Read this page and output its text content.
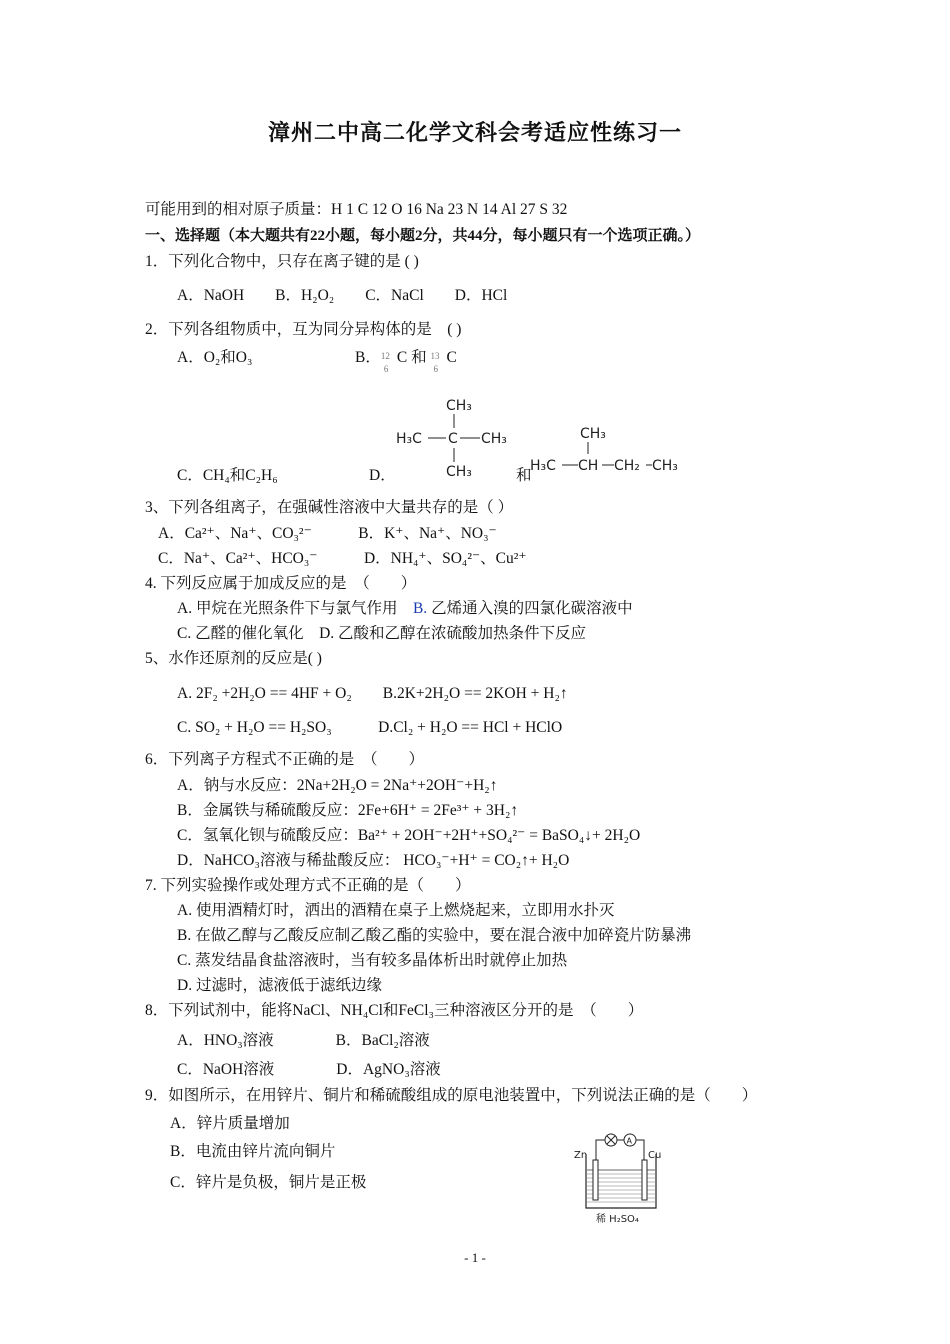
漳州二中高二化学文科会考适应性练习一
可能用到的相对原子质量：H 1 C 12 O 16 Na 23 N 14 Al 27 S 32
一、选择题（本大题共有22小题，每小题2分，共44分，每小题只有一个选项正确。）
1．下列化合物中，只存在离子键的是 ( )
A．NaOH　　B．H₂O₂　　C．NaCl　　D．HCl
2．下列各组物质中，互为同分异构体的是　( )
A．O₂和O₃	B． 12
6
C 和 13
6
C
C．CH₄和C₂H₆	D．
CH₃
H₃C C CH₃
CH₃	和
CH₃
H₃C CH CH₂ CH₃
3、下列各组离子，在强碱性溶液中大量共存的是（ ）
A．Ca²⁺、Na⁺、CO₃²⁻　　　B．K⁺、Na⁺、NO₃⁻
C．Na⁺、Ca²⁺、HCO₃⁻　　　D．NH₄⁺、SO₄²⁻、Cu²⁺
4. 下列反应属于加成反应的是　（　　）
A. 甲烷在光照条件下与氯气作用　 B. 乙烯通入溴的四氯化碳溶液中
C. 乙醛的催化氧化　D. 乙酸和乙醇在浓硫酸加热条件下反应
5、水作还原剂的反应是( )
A. 2F₂ +2H₂O == 4HF + O₂　　B.2K+2H₂O == 2KOH + H₂↑
C. SO₂ + H₂O == H₂SO₃　　　D.Cl₂ + H₂O == HCl + HClO
6．下列离子方程式不正确的是　（　　）
A．钠与水反应：2Na+2H₂O = 2Na⁺+2OH⁻+H₂↑
B．金属铁与稀硫酸反应：2Fe+6H⁺ = 2Fe³⁺ + 3H₂↑
C．氢氧化钡与硫酸反应：Ba²⁺ + 2OH⁻+2H⁺+SO₄²⁻ = BaSO₄↓+ 2H₂O
D．NaHCO₃溶液与稀盐酸反应： HCO₃⁻+H⁺ = CO₂↑+ H₂O
7. 下列实验操作或处理方式不正确的是（　　）
A. 使用酒精灯时，洒出的酒精在桌子上燃烧起来，立即用水扑灭
B. 在做乙醇与乙酸反应制乙酸乙酯的实验中，要在混合液中加碎瓷片防暴沸
C. 蒸发结晶食盐溶液时，当有较多晶体析出时就停止加热
D. 过滤时，滤液低于滤纸边缘
8．下列试剂中，能将NaCl、NH₄Cl和FeCl₃三种溶液区分开的是　（　　）
A．HNO₃溶液　　　　B．BaCl₂溶液
C．NaOH溶液　　　　D．AgNO₃溶液
9．如图所示，在用锌片、铜片和稀硫酸组成的原电池装置中，下列说法正确的是（　　）
A．锌片质量增加
B．电流由锌片流向铜片
C．锌片是负极，铜片是正极
Zn	Cu
A
稀 H₂SO₄
- 1 -
